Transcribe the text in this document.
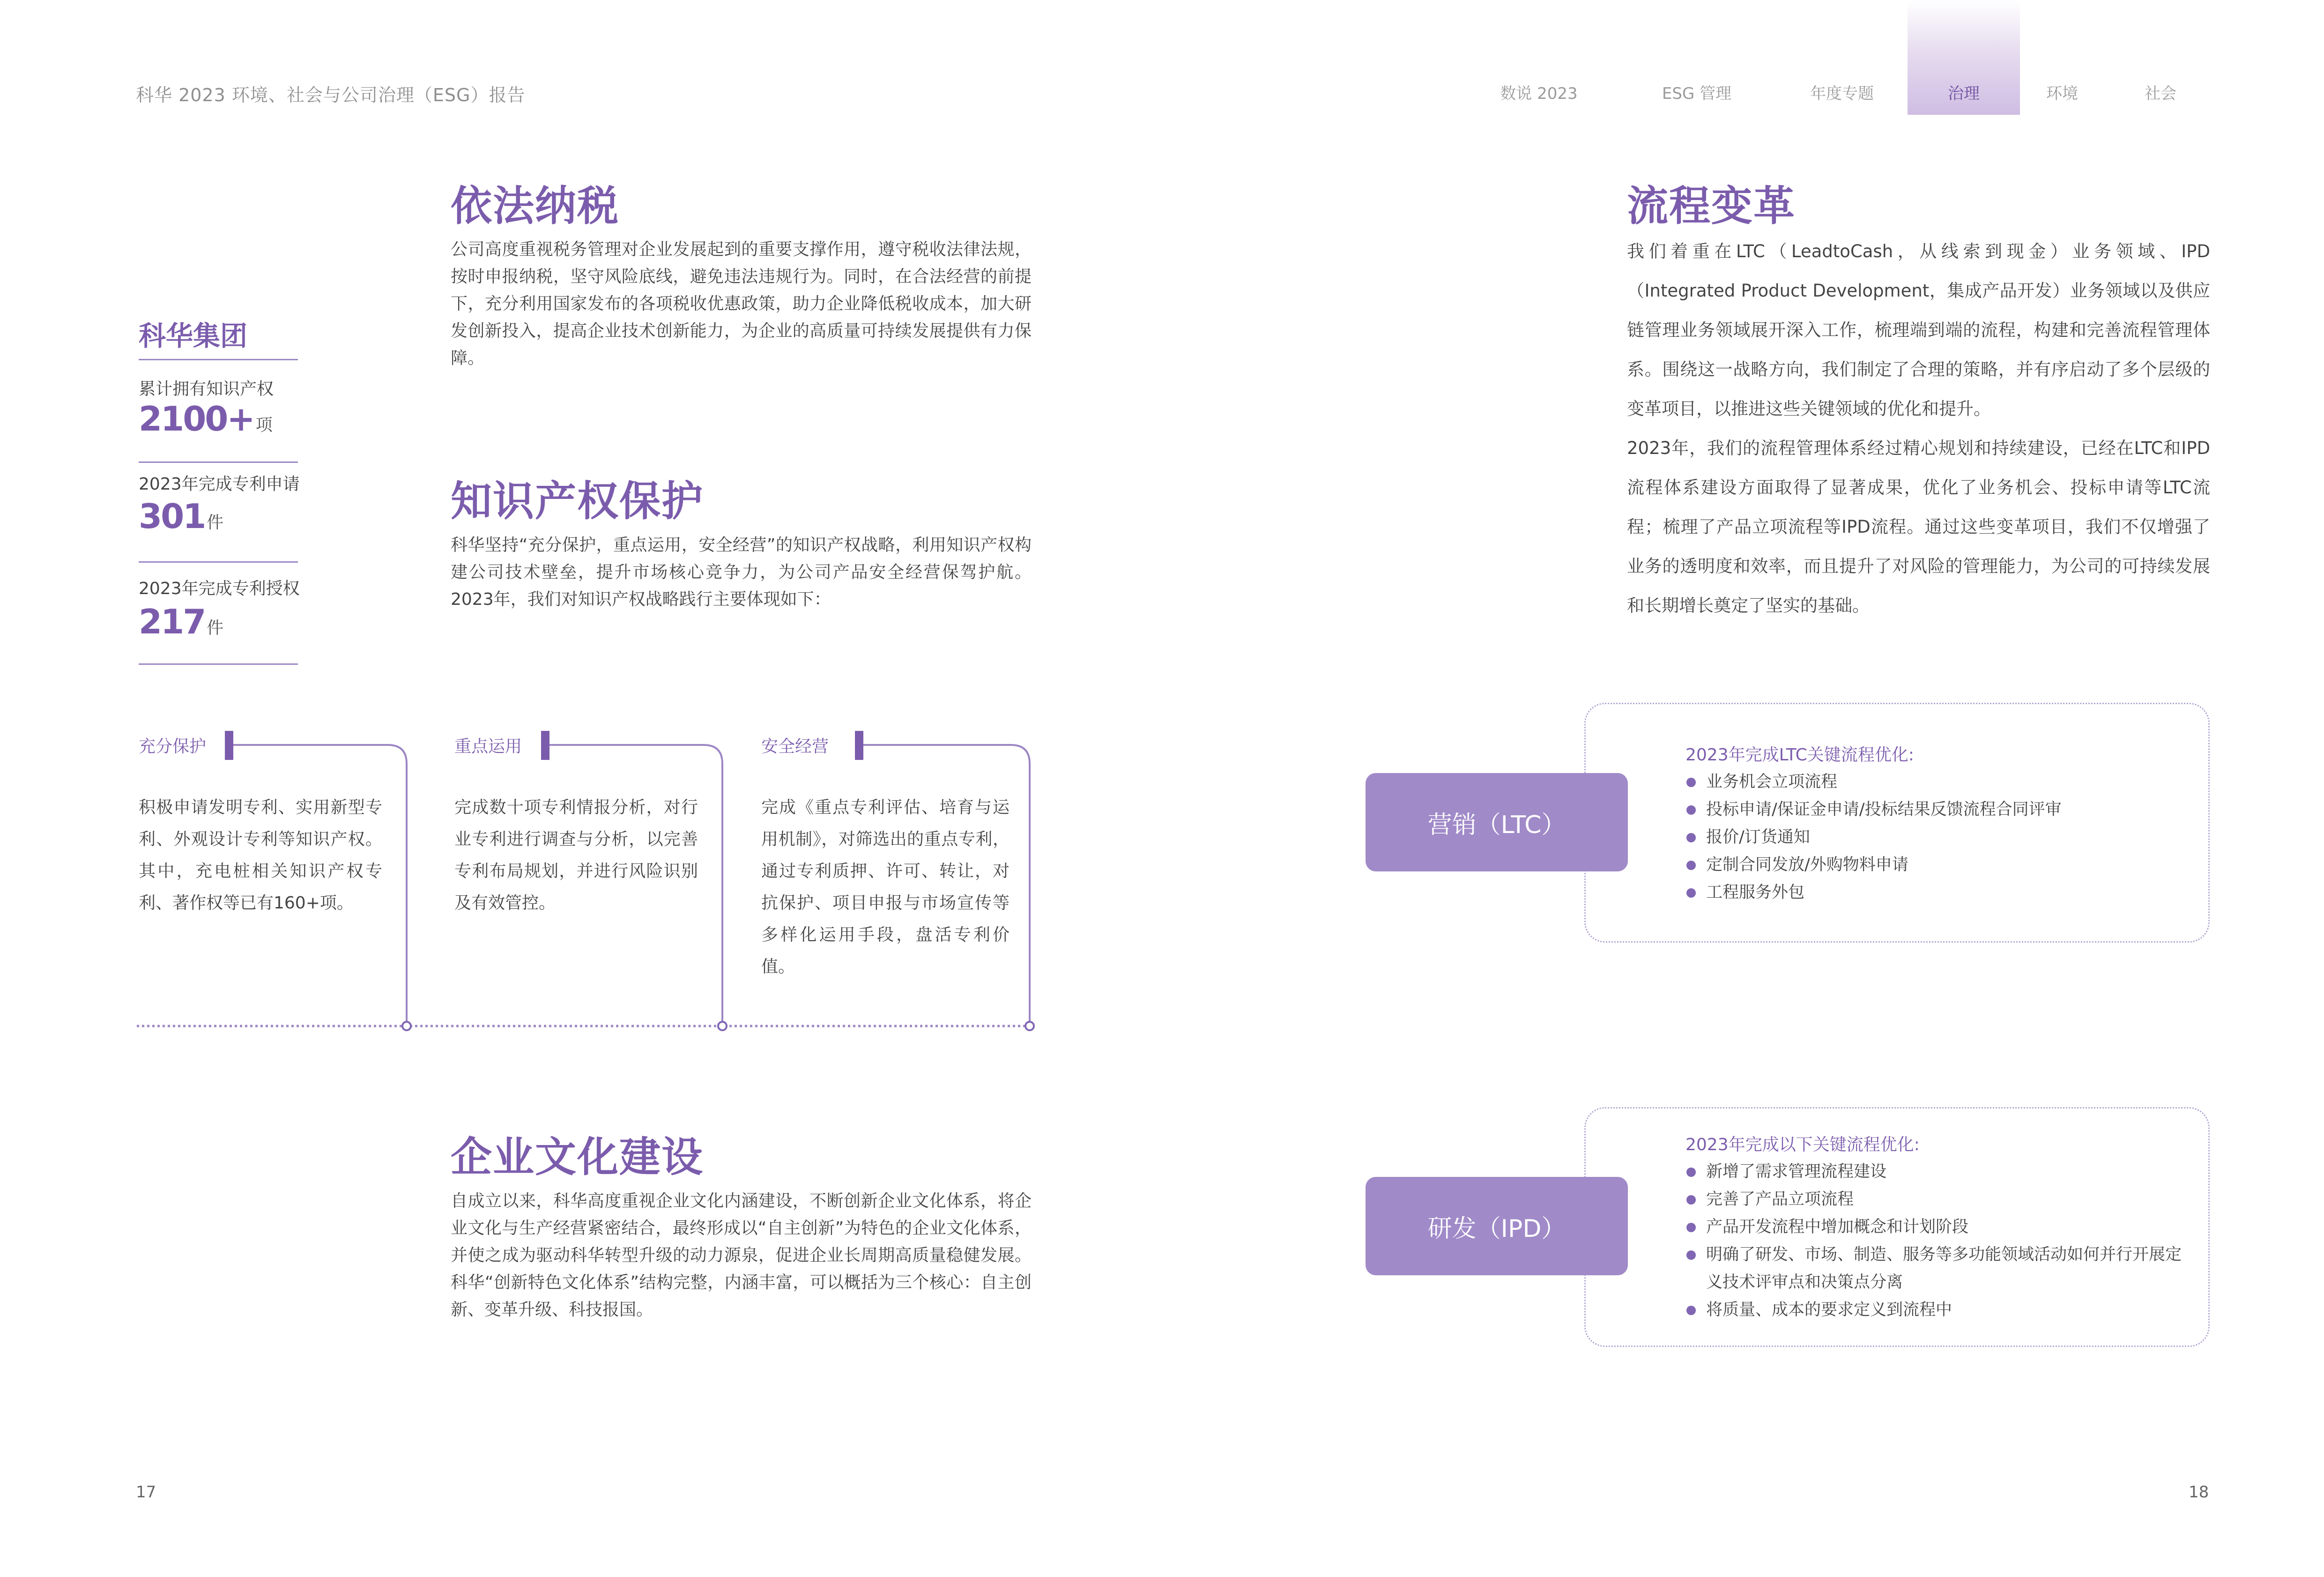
科华 2023 环境、社会与公司治理（ESG）报告	数说 2023	ESG 管理	年度专题	治理	环境	社会
依法纳税
公司高度重视税务管理对企业发展起到的重要支撑作用，遵守税收法律法规，按时申报纳税，坚守风险底线，避免违法违规行为。同时，在合法经营的前提下，充分利用国家发布的各项税收优惠政策，助力企业降低税收成本，加大研发创新投入，提高企业技术创新能力，为企业的高质量可持续发展提供有力保障。
科华集团
累计拥有知识产权
2100+ 项
2023年完成专利申请
301 件
2023年完成专利授权
217 件
知识产权保护
科华坚持“充分保护，重点运用，安全经营”的知识产权战略，利用知识产权构建公司技术壁垒，提升市场核心竞争力，为公司产品安全经营保驾护航。2023年，我们对知识产权战略践行主要体现如下：
充分保护
积极申请发明专利、实用新型专利、外观设计专利等知识产权。其中，充电桩相关知识产权专利、著作权等已有160+项。
重点运用
完成数十项专利情报分析，对行业专利进行调查与分析，以完善专利布局规划，并进行风险识别及有效管控。
安全经营
完成《重点专利评估、培育与运用机制》，对筛选出的重点专利，通过专利质押、许可、转让，对抗保护、项目申报与市场宣传等多样化运用手段，盘活专利价值。
企业文化建设
自成立以来，科华高度重视企业文化内涵建设，不断创新企业文化体系，将企业文化与生产经营紧密结合，最终形成以“自主创新”为特色的企业文化体系，并使之成为驱动科华转型升级的动力源泉，促进企业长周期高质量稳健发展。科华“创新特色文化体系”结构完整，内涵丰富，可以概括为三个核心：自主创新、变革升级、科技报国。
17
流程变革
我们着重在LTC（LeadtoCash，从线索到现金）业务领域、IPD（Integrated Product Development，集成产品开发）业务领域以及供应链管理业务领域展开深入工作，梳理端到端的流程，构建和完善流程管理体系。围绕这一战略方向，我们制定了合理的策略，并有序启动了多个层级的变革项目，以推进这些关键领域的优化和提升。
2023年，我们的流程管理体系经过精心规划和持续建设，已经在LTC和IPD流程体系建设方面取得了显著成果，优化了业务机会、投标申请等LTC流程；梳理了产品立项流程等IPD流程。通过这些变革项目，我们不仅增强了业务的透明度和效率，而且提升了对风险的管理能力，为公司的可持续发展和长期增长奠定了坚实的基础。
营销（LTC）
2023年完成LTC关键流程优化:
业务机会立项流程
投标申请/保证金申请/投标结果反馈流程合同评审
报价/订货通知
定制合同发放/外购物料申请
工程服务外包
研发（IPD）
2023年完成以下关键流程优化:
新增了需求管理流程建设
完善了产品立项流程
产品开发流程中增加概念和计划阶段
明确了研发、市场、制造、服务等多功能领域活动如何并行开展定义技术评审点和决策点分离
将质量、成本的要求定义到流程中
18
